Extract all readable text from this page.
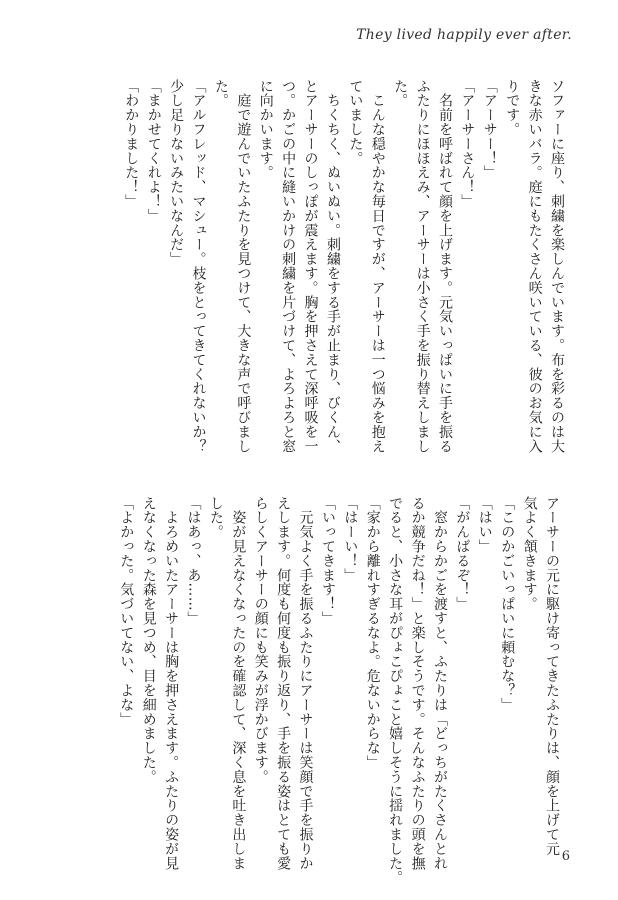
They lived happily ever after.
ソファーに座り、刺繍を楽しんでいます。布を彩るのは大
きな赤いバラ。庭にもたくさん咲いている、彼のお気に入
りです。
「アーサー！」
「アーサーさん！」
　名前を呼ばれて顔を上げます。元気いっぱいに手を振る
ふたりにほほえみ、アーサーは小さく手を振り替えしまし
た。
　こんな穏やかな毎日ですが、アーサーは一つ悩みを抱え
ていました。
　ちくちく、ぬいぬい。刺繍をする手が止まり、びくん、
とアーサーのしっぽが震えます。胸を押さえて深呼吸を一
つ。かごの中に縫いかけの刺繍を片づけて、よろよろと窓
に向かいます。
　庭で遊んでいたふたりを見つけて、大きな声で呼びまし
た。
「アルフレッド、マシュー。枝をとってきてくれないか？
少し足りないみたいなんだ」
「まかせてくれよ！」
「わかりました！」
アーサーの元に駆け寄ってきたふたりは、顔を上げて元
気よく頷きます。
「このかごいっぱいに頼むな？」
「はい」
「がんばるぞ！」
　窓からかごを渡すと、ふたりは「どっちがたくさんとれ
るか競争だね！」と楽しそうです。そんなふたりの頭を撫
でると、小さな耳がぴょこぴょこと嬉しそうに揺れました。
「家から離れすぎるなよ。危ないからな」
「はーい！」
「いってきます！」
　元気よく手を振るふたりにアーサーは笑顔で手を振りか
えします。何度も何度も振り返り、手を振る姿はとても愛
らしくアーサーの顔にも笑みが浮かびます。
　姿が見えなくなったのを確認して、深く息を吐き出しま
した。
「はあっ、あ……」
　よろめいたアーサーは胸を押さえます。ふたりの姿が見
えなくなった森を見つめ、目を細めました。
「よかった。気づいてない、よな」
6
